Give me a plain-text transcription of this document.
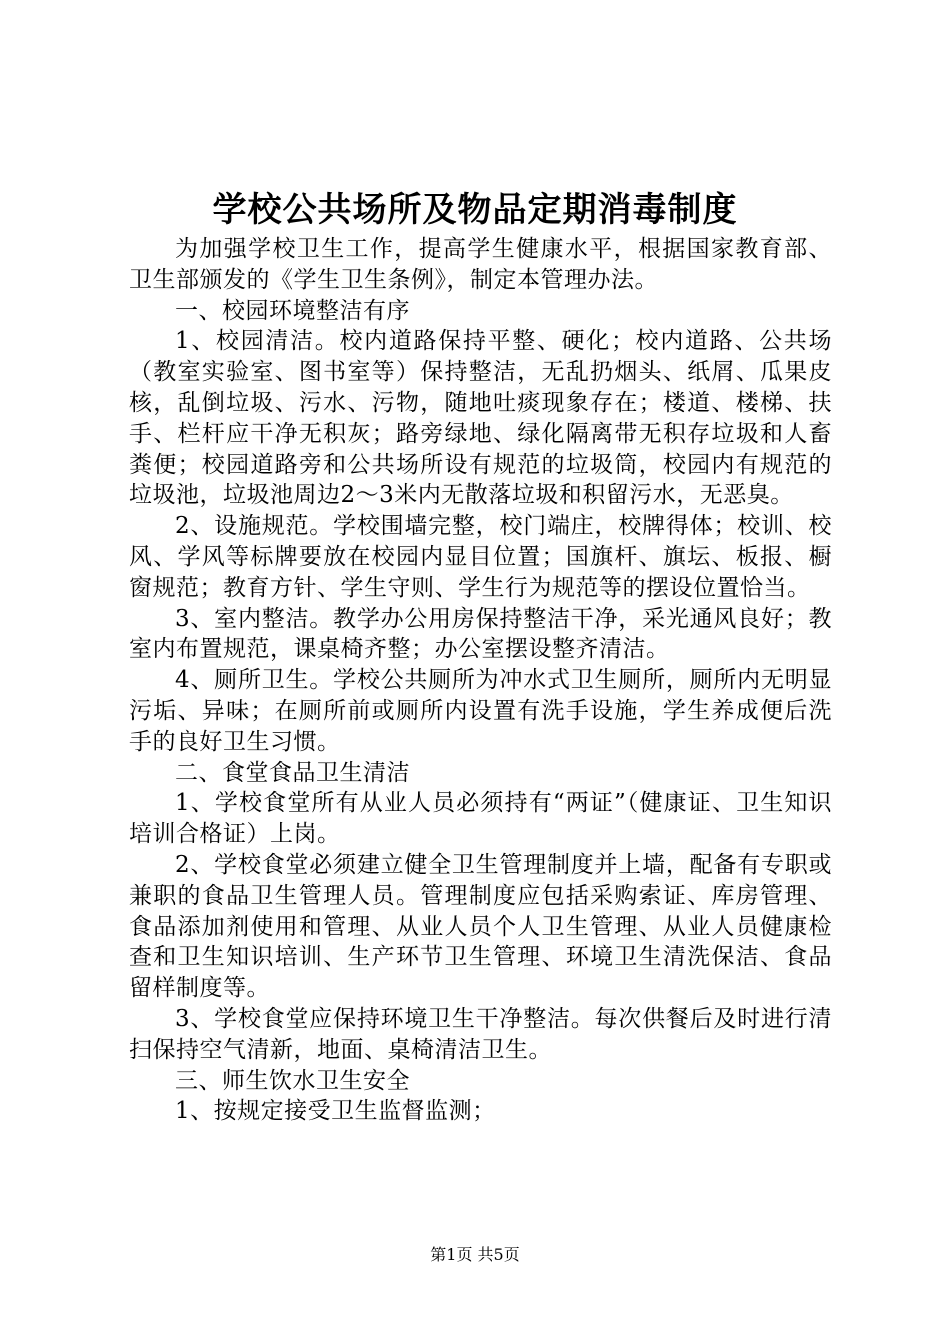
学校公共场所及物品定期消毒制度

为加强学校卫生工作，提高学生健康水平，根据国家教育部、卫生部颁发的《学生卫生条例》，制定本管理办法。

一、校园环境整洁有序

1、校园清洁。校内道路保持平整、硬化；校内道路、公共场（教室实验室、图书室等）保持整洁，无乱扔烟头、纸屑、瓜果皮核，乱倒垃圾、污水、污物，随地吐痰现象存在；楼道、楼梯、扶手、栏杆应干净无积灰；路旁绿地、绿化隔离带无积存垃圾和人畜粪便；校园道路旁和公共场所设有规范的垃圾筒，校园内有规范的垃圾池，垃圾池周边2～3米内无散落垃圾和积留污水，无恶臭。

2、设施规范。学校围墙完整，校门端庄，校牌得体；校训、校风、学风等标牌要放在校园内显目位置；国旗杆、旗坛、板报、橱窗规范；教育方针、学生守则、学生行为规范等的摆设位置恰当。

3、室内整洁。教学办公用房保持整洁干净，采光通风良好；教室内布置规范，课桌椅齐整；办公室摆设整齐清洁。

4、厕所卫生。学校公共厕所为冲水式卫生厕所，厕所内无明显污垢、异味；在厕所前或厕所内设置有洗手设施，学生养成便后洗手的良好卫生习惯。

二、食堂食品卫生清洁

1、学校食堂所有从业人员必须持有“两证”（健康证、卫生知识培训合格证）上岗。

2、学校食堂必须建立健全卫生管理制度并上墙，配备有专职或兼职的食品卫生管理人员。管理制度应包括采购索证、库房管理、食品添加剂使用和管理、从业人员个人卫生管理、从业人员健康检查和卫生知识培训、生产环节卫生管理、环境卫生清洗保洁、食品留样制度等。

3、学校食堂应保持环境卫生干净整洁。每次供餐后及时进行清扫保持空气清新，地面、桌椅清洁卫生。

三、师生饮水卫生安全

1、按规定接受卫生监督监测；

第1页 共5页
